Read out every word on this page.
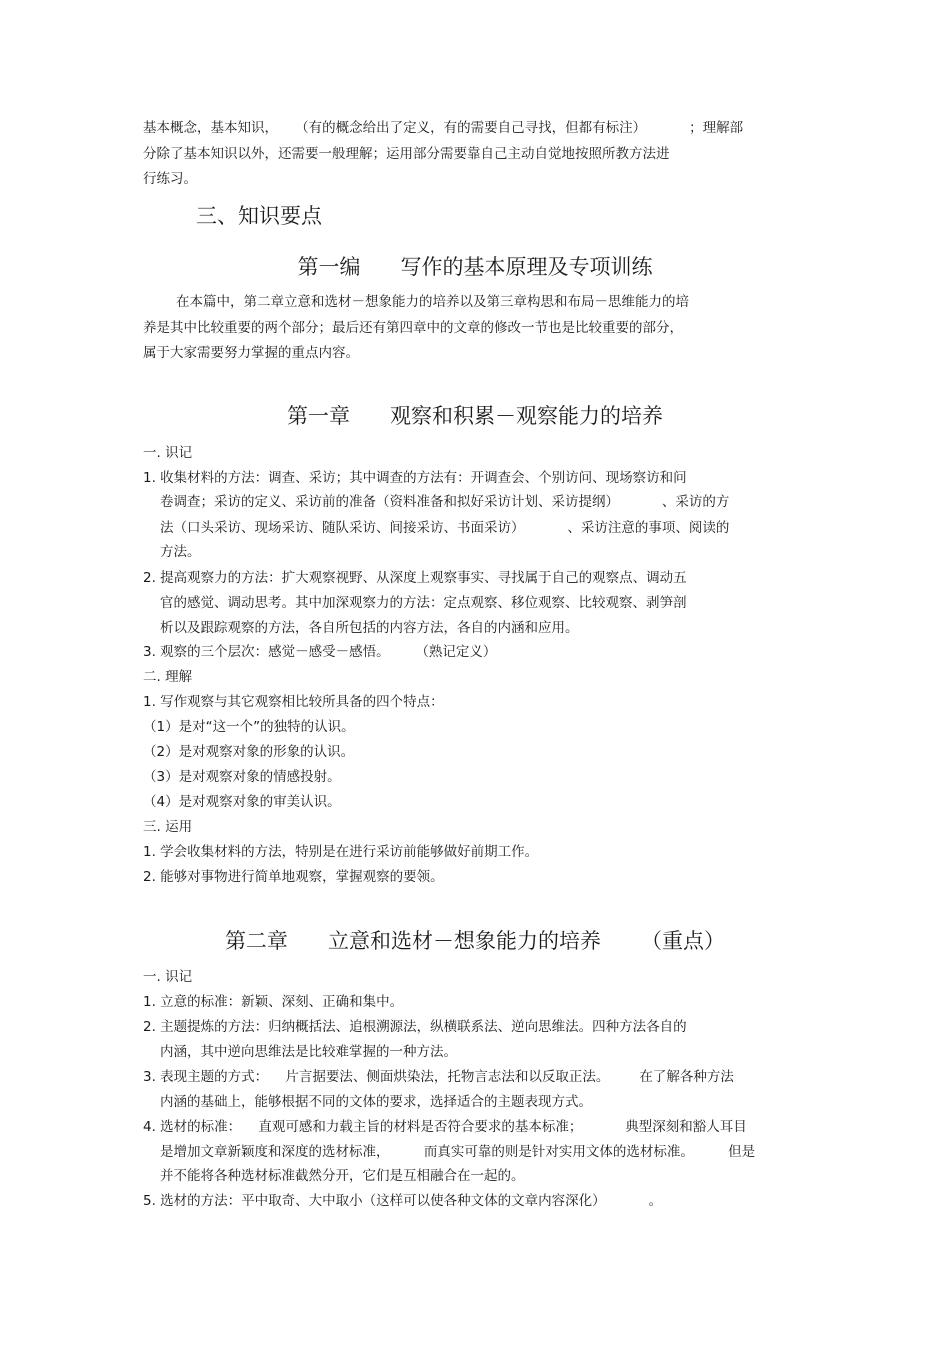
基本概念，基本知识，    （有的概念给出了定义，有的需要自己寻找，但都有标注）          ；理解部
分除了基本知识以外，还需要一般理解；运用部分需要靠自己主动自觉地按照所教方法进
行练习。
三、知识要点
第一编      写作的基本原理及专项训练
在本篇中，第二章立意和选材－想象能力的培养以及第三章构思和布局－思维能力的培
养是其中比较重要的两个部分；最后还有第四章中的文章的修改一节也是比较重要的部分，
属于大家需要努力掌握的重点内容。
第一章      观察和积累－观察能力的培养
一. 识记
1. 收集材料的方法：调查、采访；其中调查的方法有：开调查会、个别访问、现场察访和问
卷调查；采访的定义、采访前的准备（资料准备和拟好采访计划、采访提纲）          、采访的方
法（口头采访、现场采访、随队采访、间接采访、书面采访）          、采访注意的事项、阅读的
方法。
2. 提高观察力的方法：扩大观察视野、从深度上观察事实、寻找属于自己的观察点、调动五
官的感觉、调动思考。其中加深观察力的方法：定点观察、移位观察、比较观察、剥笋剖
析以及跟踪观察的方法，各自所包括的内容方法，各自的内涵和应用。
3. 观察的三个层次：感觉－感受－感悟。      （熟记定义）
二. 理解
1. 写作观察与其它观察相比较所具备的四个特点：
（1）是对“这一个”的独特的认识。
（2）是对观察对象的形象的认识。
（3）是对观察对象的情感投射。
（4）是对观察对象的审美认识。
三. 运用
1. 学会收集材料的方法，特别是在进行采访前能够做好前期工作。
2. 能够对事物进行简单地观察，掌握观察的要领。
第二章      立意和选材－想象能力的培养      （重点）
一. 识记
1. 立意的标准：新颖、深刻、正确和集中。
2. 主题提炼的方法：归纳概括法、追根溯源法，纵横联系法、逆向思维法。四种方法各自的
内涵，其中逆向思维法是比较难掌握的一种方法。
3. 表现主题的方式：    片言据要法、侧面烘染法，托物言志法和以反取正法。       在了解各种方法
内涵的基础上，能够根据不同的文体的要求，选择适合的主题表现方式。
4. 选材的标准：    直观可感和力载主旨的材料是否符合要求的基本标准；          典型深刻和豁人耳目
是增加文章新颖度和深度的选材标准，        而真实可靠的则是针对实用文体的选材标准。        但是
并不能将各种选材标准截然分开，它们是互相融合在一起的。
5. 选材的方法：平中取奇、大中取小（这样可以使各种文体的文章内容深化）          。
